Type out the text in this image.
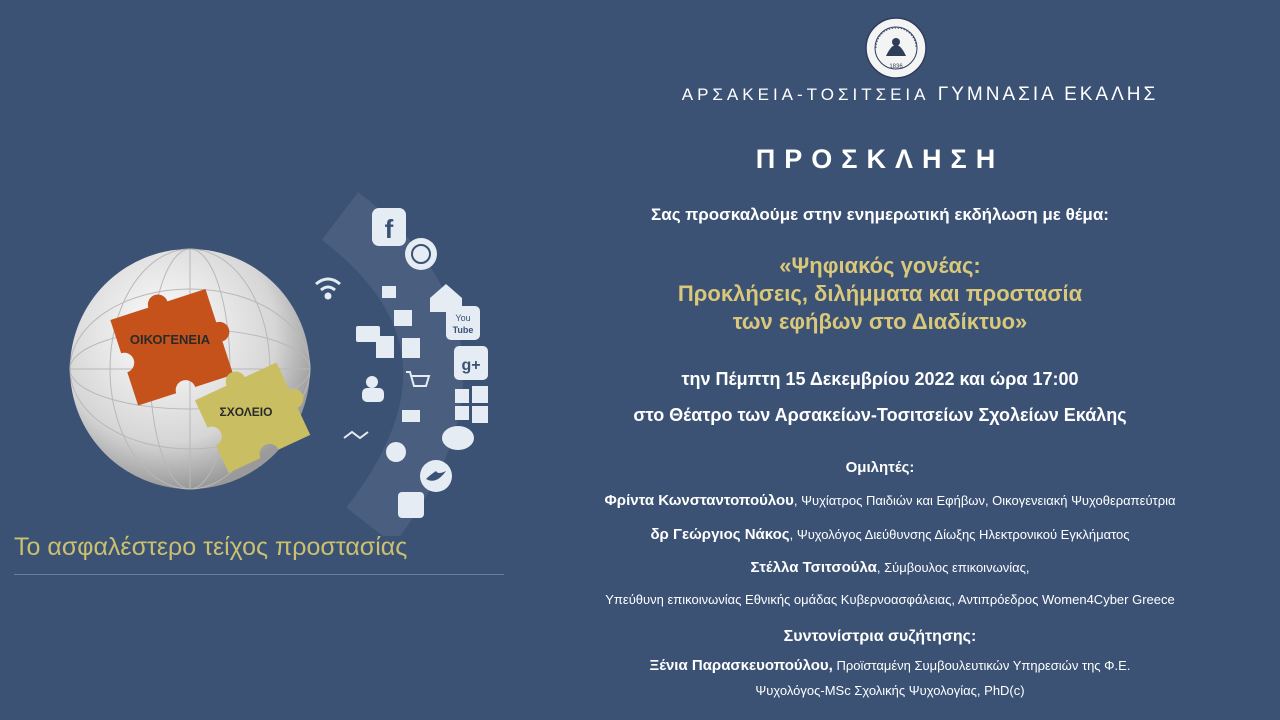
1836
ΑΡΣΑΚΕΙΑ-ΤΟΣΙΤΣΕΙΑ ΓΥΜΝΑΣΙΑ ΕΚΑΛΗΣ
ΠΡΟΣΚΛΗΣΗ
Σας προσκαλούμε στην ενημερωτική εκδήλωση με θέμα:
«Ψηφιακός γονέας:
Προκλήσεις, διλήμματα και προστασία
των εφήβων στο Διαδίκτυο»
την Πέμπτη 15 Δεκεμβρίου 2022 και ώρα 17:00
στο Θέατρο των Αρσακείων-Τοσιτσείων Σχολείων Εκάλης
Ομιλητές:
Φρίντα Κωνσταντοπούλου, Ψυχίατρος Παιδιών και Εφήβων, Οικογενειακή Ψυχοθεραπεύτρια
δρ Γεώργιος Νάκος, Ψυχολόγος Διεύθυνσης Δίωξης Ηλεκτρονικού Εγκλήματος
Στέλλα Τσιτσούλα, Σύμβουλος επικοινωνίας,
Υπεύθυνη επικοινωνίας Εθνικής ομάδας Κυβερνοασφάλειας, Αντιπρόεδρος Women4Cyber Greece
Συντονίστρια συζήτησης:
Ξένια Παρασκευοπούλου, Προϊσταμένη Συμβουλευτικών Υπηρεσιών της Φ.Ε.
Ψυχολόγος-MSc Σχολικής Ψυχολογίας, PhD(c)
ΟΙΚΟΓΕΝΕΙΑ
ΣΧΟΛΕΙΟ
f
You
Tube
g+
Το ασφαλέστερο τείχος προστασίας
